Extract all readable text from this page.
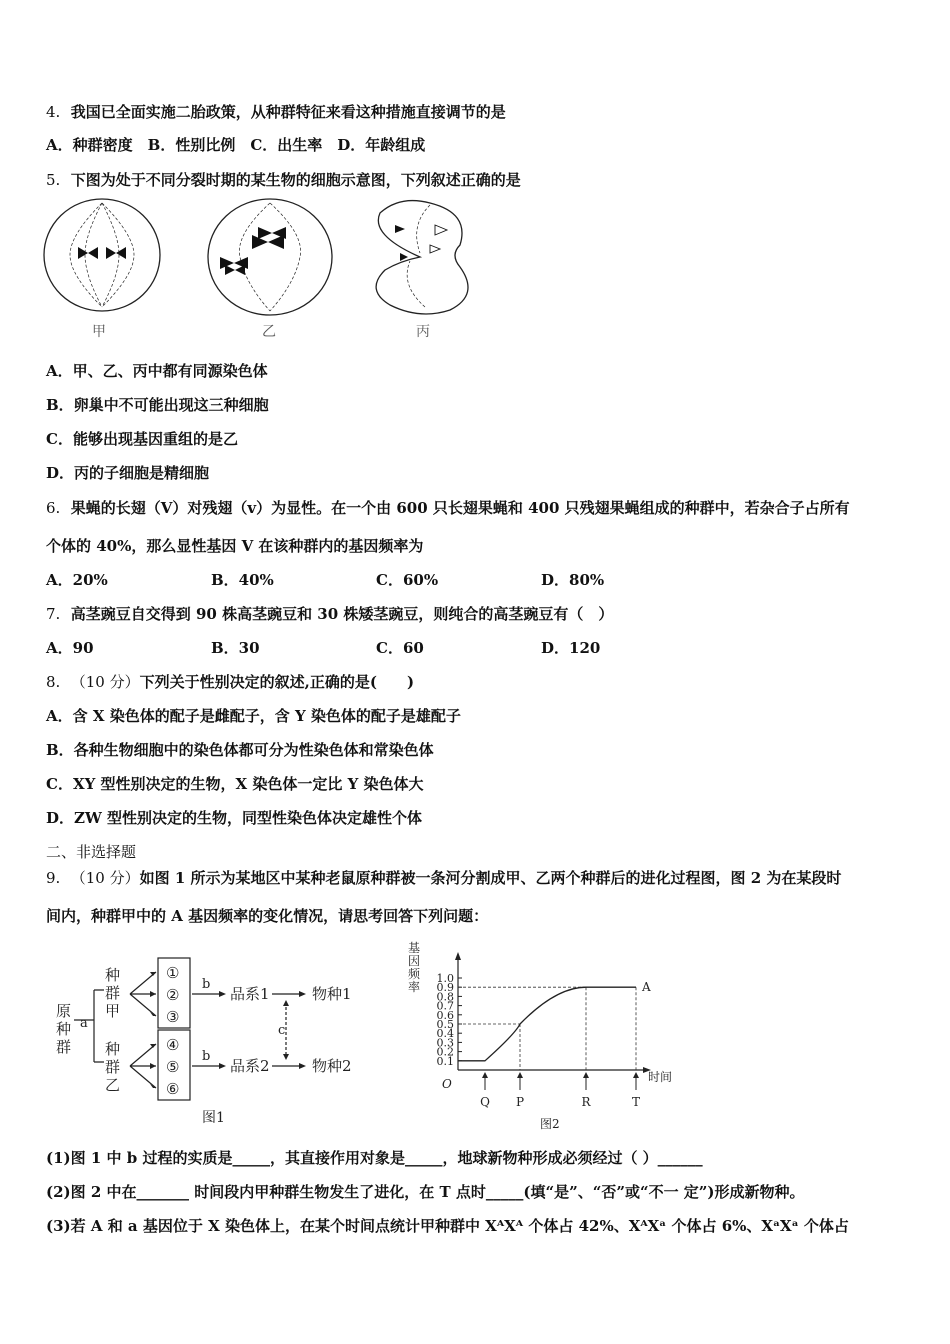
4. 我国已全面实施二胎政策，从种群特征来看这种措施直接调节的是
A．种群密度　B．性别比例　C．出生率　D．年龄组成
5. 下图为处于不同分裂时期的某生物的细胞示意图，下列叙述正确的是
甲	乙	丙
A．甲、乙、丙中都有同源染色体
B．卵巢中不可能出现这三种细胞
C．能够出现基因重组的是乙
D．丙的子细胞是精细胞
6. 果蝇的长翅（V）对残翅（v）为显性。在一个由 600 只长翅果蝇和 400 只残翅果蝇组成的种群中，若杂合子占所有
个体的 40%，那么显性基因 V 在该种群内的基因频率为
A．20%	B．40%	C．60%	D．80%
7. 高茎豌豆自交得到 90 株高茎豌豆和 30 株矮茎豌豆，则纯合的高茎豌豆有（　）
A．90	B．30	C．60	D．120
8. （10 分）下列关于性别决定的叙述,正确的是(　　)
A．含 X 染色体的配子是雌配子，含 Y 染色体的配子是雄配子
B．各种生物细胞中的染色体都可分为性染色体和常染色体
C．XY 型性别决定的生物，X 染色体一定比 Y 染色体大
D．ZW 型性别决定的生物，同型性染色体决定雄性个体
二、非选择题
9. （10 分）如图 1 所示为某地区中某种老鼠原种群被一条河分割成甲、乙两个种群后的进化过程图，图 2 为在某段时
间内，种群甲中的 A 基因频率的变化情况，请思考回答下列问题：
原
种
群
a
种
群
甲
种
群
乙
①
②
③
④
⑤
⑥
b
b
品系1
品系2
物种1
物种2
c
图1
基
因
频
率
O	时间
图2
0.1
0.2
0.3
0.4
0.5
0.6
0.7
0.8
0.9
1.0
Q P	R	T
A
(1)图 1 中 b 过程的实质是_____，其直接作用对象是_____，地球新物种形成必须经过（ ）______
(2)图 2 中在_______ 时间段内甲种群生物发生了进化，在 T 点时_____(填“是”、“否”或“不一 定”)形成新物种。
(3)若 A 和 a 基因位于 X 染色体上，在某个时间点统计甲种群中 XᴬXᴬ 个体占 42%、XᴬXᵃ 个体占 6%、XᵃXᵃ 个体占
